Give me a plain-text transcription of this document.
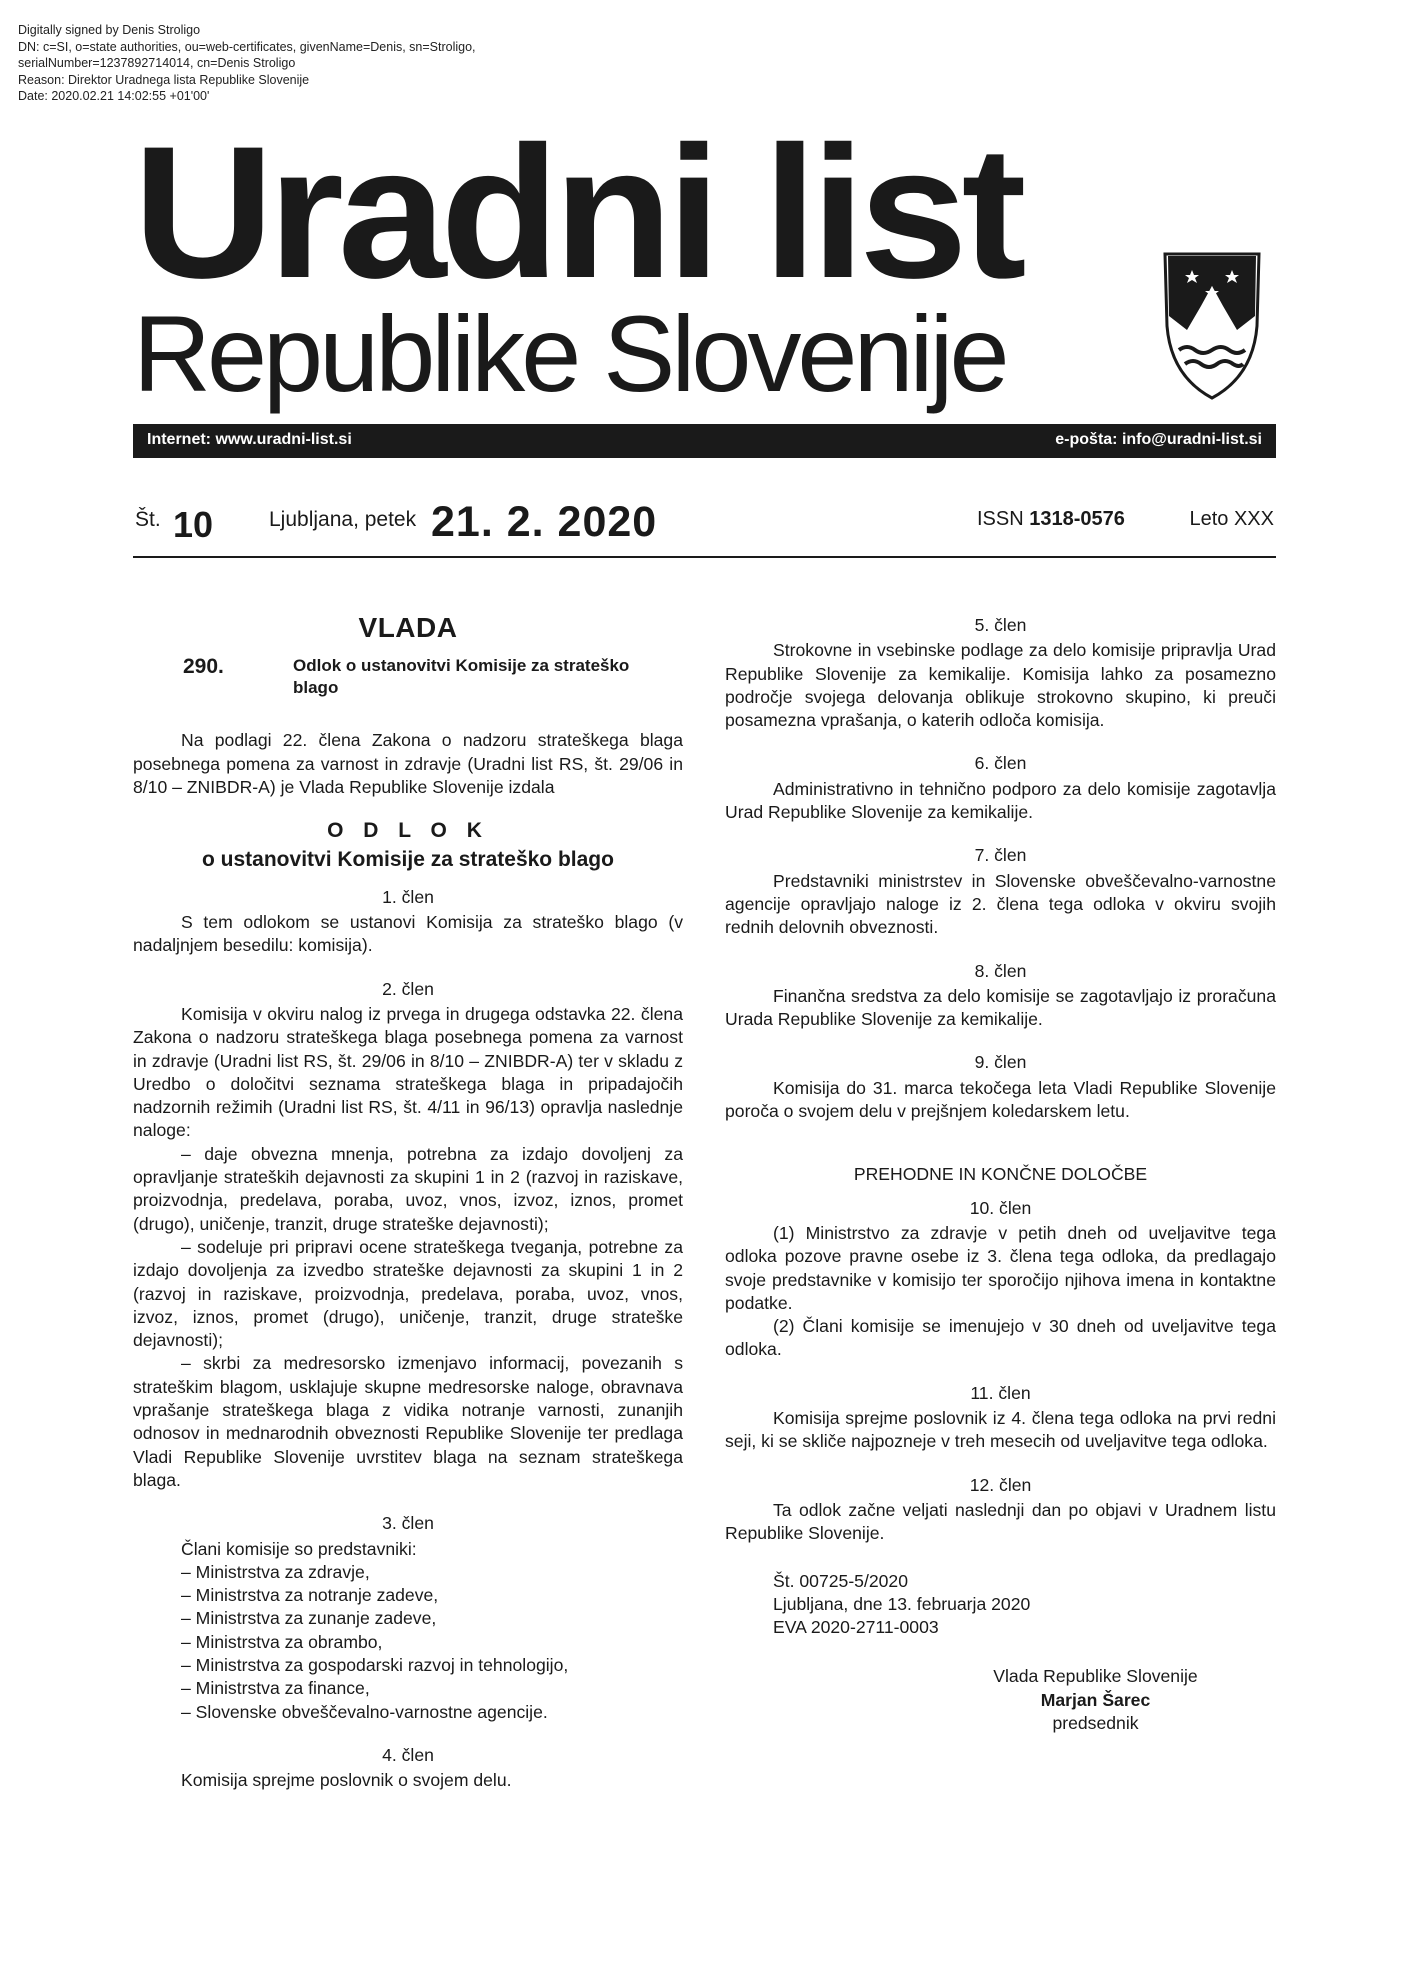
Digitally signed by Denis Stroligo
DN: c=SI, o=state authorities, ou=web-certificates, givenName=Denis, sn=Stroligo,
serialNumber=1237892714014, cn=Denis Stroligo
Reason: Direktor Uradnega lista Republike Slovenije
Date: 2020.02.21 14:02:55 +01'00'
Uradni list
Republike Slovenije
Internet: www.uradni-list.si	e-pošta: info@uradni-list.si
Št. 10	Ljubljana, petek 21. 2. 2020	ISSN 1318-0576	Leto XXX
VLADA
290.	Odlok o ustanovitvi Komisije za strateško blago

Na podlagi 22. člena Zakona o nadzoru strateškega blaga posebnega pomena za varnost in zdravje (Uradni list RS, št. 29/06 in 8/10 – ZNIBDR-A) je Vlada Republike Slovenije izdala

O D L O K
o ustanovitvi Komisije za strateško blago
1. člen

S tem odlokom se ustanovi Komisija za strateško blago (v nadaljnjem besedilu: komisija).

2. člen

Komisija v okviru nalog iz prvega in drugega odstavka 22. člena Zakona o nadzoru strateškega blaga posebnega pomena za varnost in zdravje (Uradni list RS, št. 29/06 in 8/10 – ZNIBDR-A) ter v skladu z Uredbo o določitvi seznama strateškega blaga in pripadajočih nadzornih režimih (Uradni list RS, št. 4/11 in 96/13) opravlja naslednje naloge:

– daje obvezna mnenja, potrebna za izdajo dovoljenj za opravljanje strateških dejavnosti za skupini 1 in 2 (razvoj in raziskave, proizvodnja, predelava, poraba, uvoz, vnos, izvoz, iznos, promet (drugo), uničenje, tranzit, druge strateške dejavnosti);

– sodeluje pri pripravi ocene strateškega tveganja, potrebne za izdajo dovoljenja za izvedbo strateške dejavnosti za skupini 1 in 2 (razvoj in raziskave, proizvodnja, predelava, poraba, uvoz, vnos, izvoz, iznos, promet (drugo), uničenje, tranzit, druge strateške dejavnosti);

– skrbi za medresorsko izmenjavo informacij, povezanih s strateškim blagom, usklajuje skupne medresorske naloge, obravnava vprašanje strateškega blaga z vidika notranje varnosti, zunanjih odnosov in mednarodnih obveznosti Republike Slovenije ter predlaga Vladi Republike Slovenije uvrstitev blaga na seznam strateškega blaga.

3. člen

Člani komisije so predstavniki:

– Ministrstva za zdravje,

– Ministrstva za notranje zadeve,

– Ministrstva za zunanje zadeve,

– Ministrstva za obrambo,

– Ministrstva za gospodarski razvoj in tehnologijo,

– Ministrstva za finance,

– Slovenske obveščevalno-varnostne agencije.

4. člen

Komisija sprejme poslovnik o svojem delu.

5. člen

Strokovne in vsebinske podlage za delo komisije pripravlja Urad Republike Slovenije za kemikalije. Komisija lahko za posamezno področje svojega delovanja oblikuje strokovno skupino, ki preuči posamezna vprašanja, o katerih odloča komisija.

6. člen

Administrativno in tehnično podporo za delo komisije zagotavlja Urad Republike Slovenije za kemikalije.

7. člen

Predstavniki ministrstev in Slovenske obveščevalno-varnostne agencije opravljajo naloge iz 2. člena tega odloka v okviru svojih rednih delovnih obveznosti.

8. člen

Finančna sredstva za delo komisije se zagotavljajo iz proračuna Urada Republike Slovenije za kemikalije.

9. člen

Komisija do 31. marca tekočega leta Vladi Republike Slovenije poroča o svojem delu v prejšnjem koledarskem letu.

PREHODNE IN KONČNE DOLOČBE
10. člen

(1) Ministrstvo za zdravje v petih dneh od uveljavitve tega odloka pozove pravne osebe iz 3. člena tega odloka, da predlagajo svoje predstavnike v komisijo ter sporočijo njihova imena in kontaktne podatke.

(2) Člani komisije se imenujejo v 30 dneh od uveljavitve tega odloka.

11. člen

Komisija sprejme poslovnik iz 4. člena tega odloka na prvi redni seji, ki se skliče najpozneje v treh mesecih od uveljavitve tega odloka.

12. člen

Ta odlok začne veljati naslednji dan po objavi v Uradnem listu Republike Slovenije.

Št. 00725-5/2020
Ljubljana, dne 13. februarja 2020
EVA 2020-2711-0003
Vlada Republike Slovenije
Marjan Šarec
predsednik
